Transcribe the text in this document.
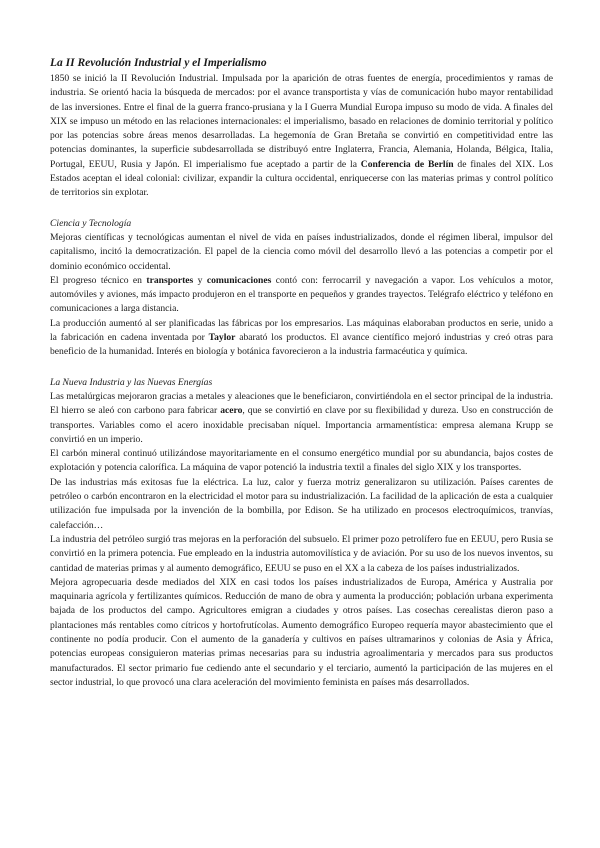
La II Revolución Industrial y el Imperialismo

1850 se inició la II Revolución Industrial. Impulsada por la aparición de otras fuentes de energía, procedimientos y ramas de industria. Se orientó hacia la búsqueda de mercados: por el avance transportista y vías de comunicación hubo mayor rentabilidad de las inversiones. Entre el final de la guerra franco-prusiana y la I Guerra Mundial Europa impuso su modo de vida. A finales del XIX se impuso un método en las relaciones internacionales: el imperialismo, basado en relaciones de dominio territorial y político por las potencias sobre áreas menos desarrolladas. La hegemonía de Gran Bretaña se convirtió en competitividad entre las potencias dominantes, la superficie subdesarrollada se distribuyó entre Inglaterra, Francia, Alemania, Holanda, Bélgica, Italia, Portugal, EEUU, Rusia y Japón. El imperialismo fue aceptado a partir de la Conferencia de Berlín de finales del XIX. Los Estados aceptan el ideal colonial: civilizar, expandir la cultura occidental, enriquecerse con las materias primas y control político de territorios sin explotar.

Ciencia y Tecnología

Mejoras científicas y tecnológicas aumentan el nivel de vida en países industrializados, donde el régimen liberal, impulsor del capitalismo, incitó la democratización. El papel de la ciencia como móvil del desarrollo llevó a las potencias a competir por el dominio económico occidental.

El progreso técnico en transportes y comunicaciones contó con: ferrocarril y navegación a vapor. Los vehículos a motor, automóviles y aviones, más impacto produjeron en el transporte en pequeños y grandes trayectos. Telégrafo eléctrico y teléfono en comunicaciones a larga distancia.

La producción aumentó al ser planificadas las fábricas por los empresarios. Las máquinas elaboraban productos en serie, unido a la fabricación en cadena inventada por Taylor abarató los productos. El avance científico mejoró industrias y creó otras para beneficio de la humanidad. Interés en biología y botánica favorecieron a la industria farmacéutica y química.

La Nueva Industria y las Nuevas Energías

Las metalúrgicas mejoraron gracias a metales y aleaciones que le beneficiaron, convirtiéndola en el sector principal de la industria. El hierro se aleó con carbono para fabricar acero, que se convirtió en clave por su flexibilidad y dureza. Uso en construcción de transportes. Variables como el acero inoxidable precisaban níquel. Importancia armamentística: empresa alemana Krupp se convirtió en un imperio.

El carbón mineral continuó utilizándose mayoritariamente en el consumo energético mundial por su abundancia, bajos costes de explotación y potencia calorífica. La máquina de vapor potenció la industria textil a finales del siglo XIX y los transportes.

De las industrias más exitosas fue la eléctrica. La luz, calor y fuerza motriz generalizaron su utilización. Países carentes de petróleo o carbón encontraron en la electricidad el motor para su industrialización. La facilidad de la aplicación de esta a cualquier utilización fue impulsada por la invención de la bombilla, por Edison. Se ha utilizado en procesos electroquímicos, tranvías, calefacción…

La industria del petróleo surgió tras mejoras en la perforación del subsuelo. El primer pozo petrolífero fue en EEUU, pero Rusia se convirtió en la primera potencia. Fue empleado en la industria automovilística y de aviación. Por su uso de los nuevos inventos, su cantidad de materias primas y al aumento demográfico, EEUU se puso en el XX a la cabeza de los países industrializados.

Mejora agropecuaria desde mediados del XIX en casi todos los países industrializados de Europa, América y Australia por maquinaria agrícola y fertilizantes químicos. Reducción de mano de obra y aumenta la producción; población urbana experimenta bajada de los productos del campo. Agricultores emigran a ciudades y otros países. Las cosechas cerealistas dieron paso a plantaciones más rentables como cítricos y hortofrutícolas. Aumento demográfico Europeo requería mayor abastecimiento que el continente no podía producir. Con el aumento de la ganadería y cultivos en países ultramarinos y colonias de Asia y África, potencias europeas consiguieron materias primas necesarias para su industria agroalimentaria y mercados para sus productos manufacturados. El sector primario fue cediendo ante el secundario y el terciario, aumentó la participación de las mujeres en el sector industrial, lo que provocó una clara aceleración del movimiento feminista en países más desarrollados.
